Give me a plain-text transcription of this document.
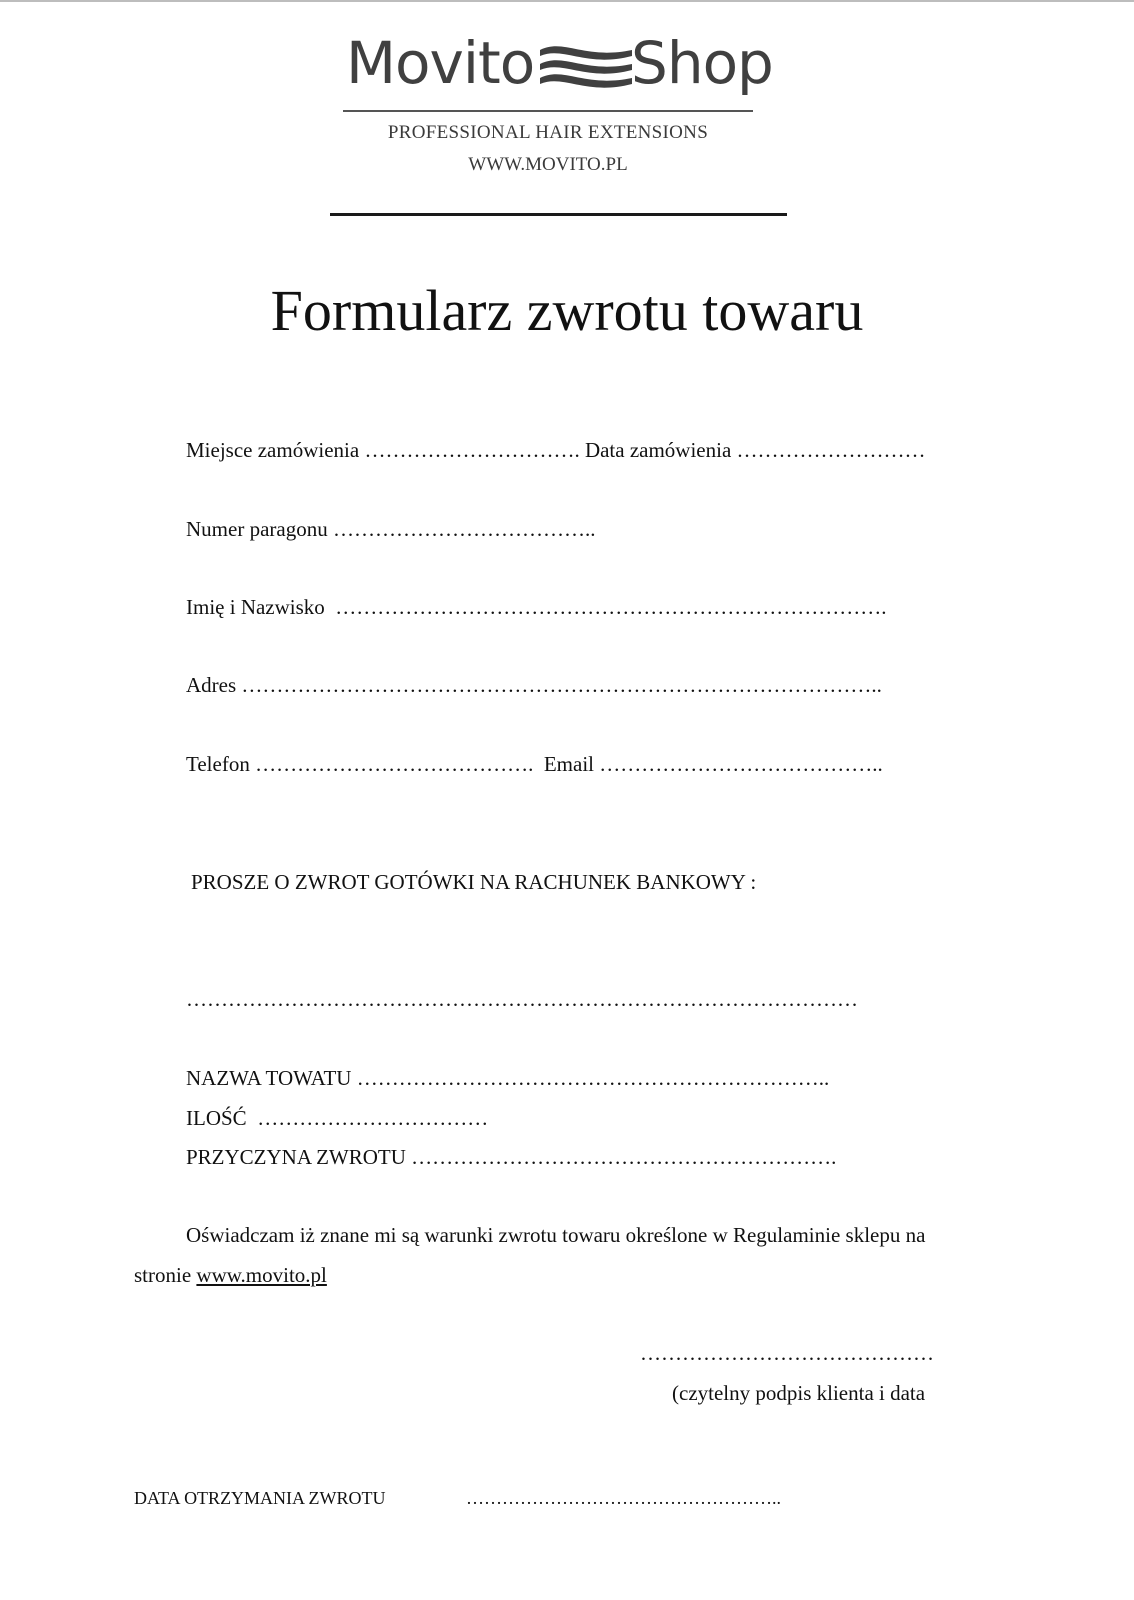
Movito Shop
PROFESSIONAL HAIR EXTENSIONS
WWW.MOVITO.PL
Formularz zwrotu towaru
Miejsce zamówienia …………………………. Data zamówienia ………………………
Numer paragonu ………………………………..
Imię i Nazwisko …………………………………………………………………….
Adres ………………………………………………………………………………..
Telefon …………………………………. Email …………………………………..
PROSZE O ZWROT GOTÓWKI NA RACHUNEK BANKOWY :
……………………………………………………………………………………
NAZWA TOWATU …………………………………………………………..
ILOŚĆ ……………………………
PRZYCZYNA ZWROTU …………………………………………………….
Oświadczam iż znane mi są warunki zwrotu towaru określone w Regulaminie sklepu na
stronie www.movito.pl
……………………………………
(czytelny podpis klienta i data
DATA OTRZYMANIA ZWROTU	……………………………………………..
